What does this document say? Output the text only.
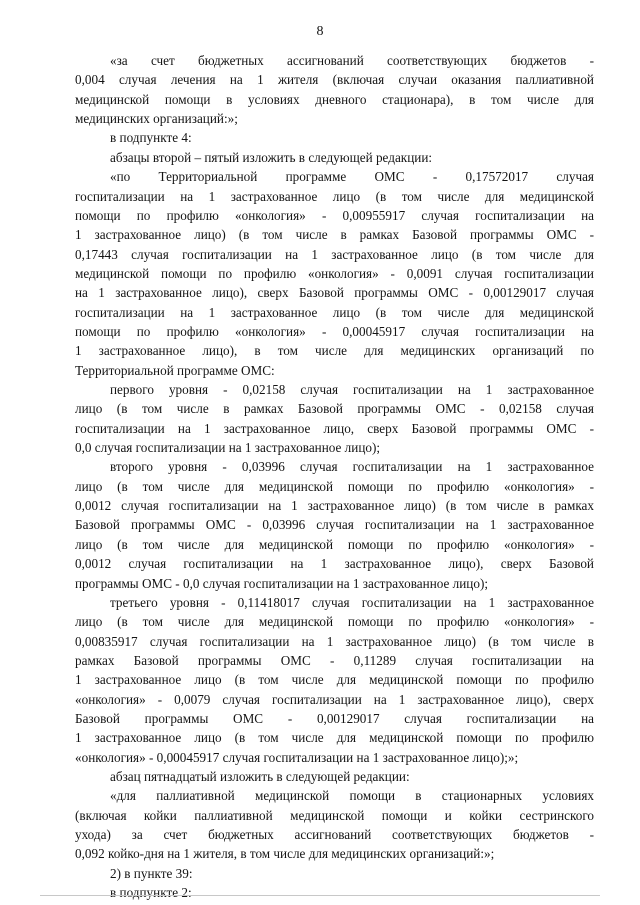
8
«за счет бюджетных ассигнований соответствующих бюджетов -
0,004 случая лечения на 1 жителя (включая случаи оказания паллиативной
медицинской помощи в условиях дневного стационара), в том числе для
медицинских организаций:»;
в подпункте 4:
абзацы второй – пятый изложить в следующей редакции:
«по Территориальной программе ОМС - 0,17572017 случая
госпитализации на 1 застрахованное лицо (в том числе для медицинской
помощи по профилю «онкология» - 0,00955917 случая госпитализации на
1 застрахованное лицо) (в том числе в рамках Базовой программы ОМС -
0,17443 случая госпитализации на 1 застрахованное лицо (в том числе для
медицинской помощи по профилю «онкология» - 0,0091 случая госпитализации
на 1 застрахованное лицо), сверх Базовой программы ОМС - 0,00129017 случая
госпитализации на 1 застрахованное лицо (в том числе для медицинской
помощи по профилю «онкология» - 0,00045917 случая госпитализации на
1 застрахованное лицо), в том числе для медицинских организаций по
Территориальной программе ОМС:
первого уровня - 0,02158 случая госпитализации на 1 застрахованное
лицо (в том числе в рамках Базовой программы ОМС - 0,02158 случая
госпитализации на 1 застрахованное лицо, сверх Базовой программы ОМС -
0,0 случая госпитализации на 1 застрахованное лицо);
второго уровня - 0,03996 случая госпитализации на 1 застрахованное
лицо (в том числе для медицинской помощи по профилю «онкология» -
0,0012 случая госпитализации на 1 застрахованное лицо) (в том числе в рамках
Базовой программы ОМС - 0,03996 случая госпитализации на 1 застрахованное
лицо (в том числе для медицинской помощи по профилю «онкология» -
0,0012 случая госпитализации на 1 застрахованное лицо), сверх Базовой
программы ОМС - 0,0 случая госпитализации на 1 застрахованное лицо);
третьего уровня - 0,11418017 случая госпитализации на 1 застрахованное
лицо (в том числе для медицинской помощи по профилю «онкология» -
0,00835917 случая госпитализации на 1 застрахованное лицо) (в том числе в
рамках Базовой программы ОМС - 0,11289 случая госпитализации на
1 застрахованное лицо (в том числе для медицинской помощи по профилю
«онкология» - 0,0079 случая госпитализации на 1 застрахованное лицо), сверх
Базовой программы ОМС - 0,00129017 случая госпитализации на
1 застрахованное лицо (в том числе для медицинской помощи по профилю
«онкология» - 0,00045917 случая госпитализации на 1 застрахованное лицо);»;
абзац пятнадцатый изложить в следующей редакции:
«для паллиативной медицинской помощи в стационарных условиях
(включая койки паллиативной медицинской помощи и койки сестринского
ухода) за счет бюджетных ассигнований соответствующих бюджетов -
0,092 койко-дня на 1 жителя, в том числе для медицинских организаций:»;
2) в пункте 39:
в подпункте 2:
